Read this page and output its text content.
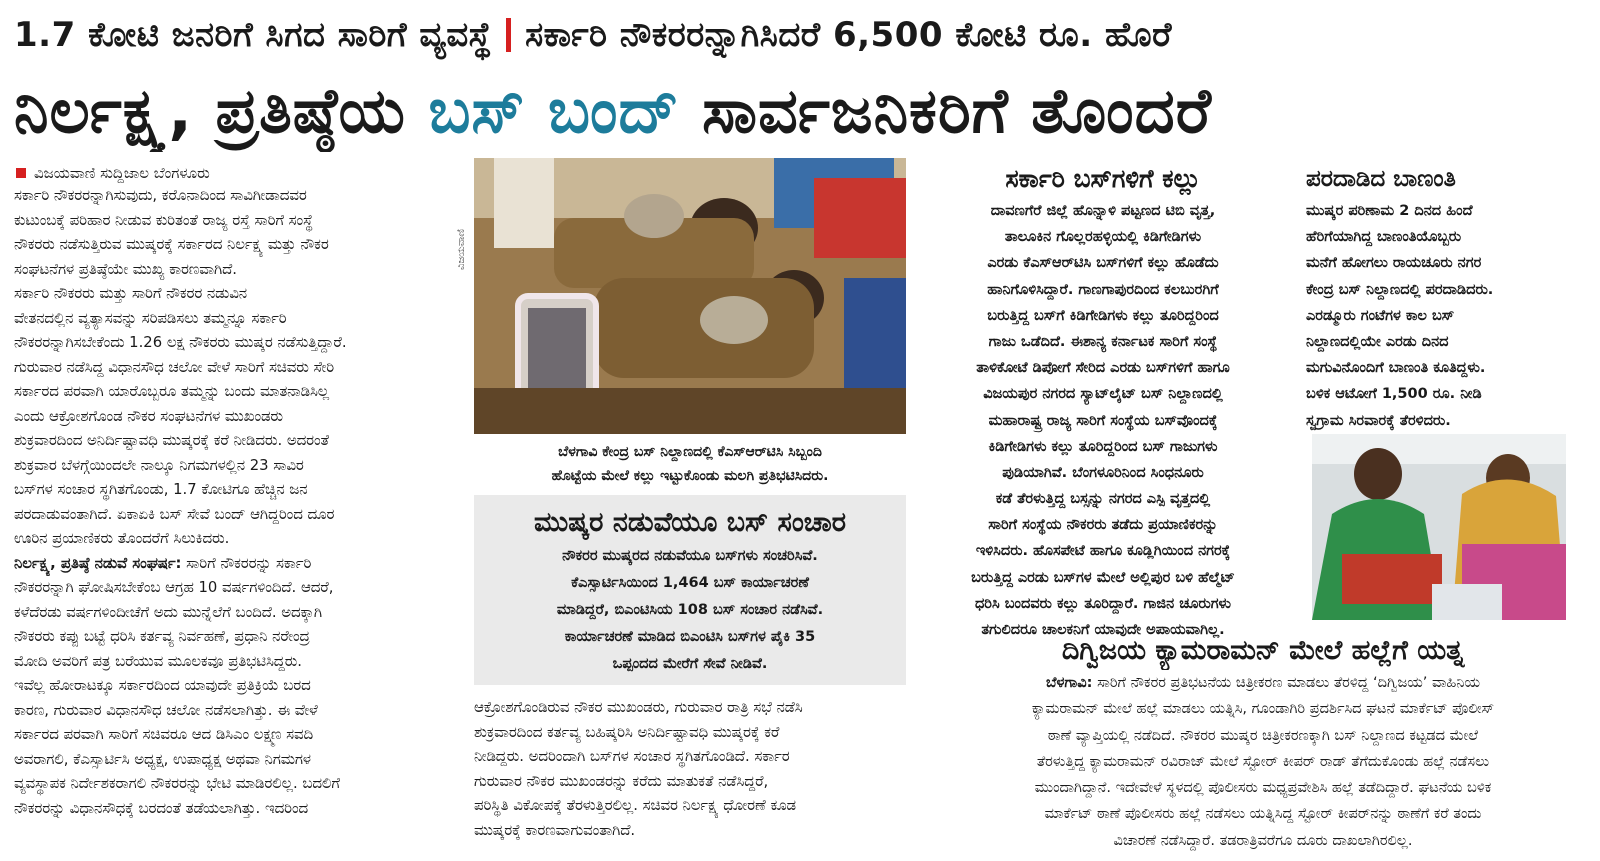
1.7 ಕೋಟಿ ಜನರಿಗೆ ಸಿಗದ ಸಾರಿಗೆ ವ್ಯವಸ್ಥೆ ಸರ್ಕಾರಿ ನೌಕರರನ್ನಾಗಿಸಿದರೆ 6,500 ಕೋಟಿ ರೂ. ಹೊರೆ
ನಿರ್ಲಕ್ಷ್ಯ, ಪ್ರತಿಷ್ಠೆಯ ಬಸ್ ಬಂದ್ ಸಾರ್ವಜನಿಕರಿಗೆ ತೊಂದರೆ
ವಿಜಯವಾಣಿ ಸುದ್ದಿಜಾಲ ಬೆಂಗಳೂರು
ಸರ್ಕಾರಿ ನೌಕರರನ್ನಾಗಿಸುವುದು, ಕರೊನಾದಿಂದ ಸಾವಿಗೀಡಾದವರ
ಕುಟುಂಬಕ್ಕೆ ಪರಿಹಾರ ನೀಡುವ ಕುರಿತಂತೆ ರಾಜ್ಯ ರಸ್ತೆ ಸಾರಿಗೆ ಸಂಸ್ಥೆ
ನೌಕರರು ನಡೆಸುತ್ತಿರುವ ಮುಷ್ಕರಕ್ಕೆ ಸರ್ಕಾರದ ನಿರ್ಲಕ್ಷ್ಯ ಮತ್ತು ನೌಕರ
ಸಂಘಟನೆಗಳ ಪ್ರತಿಷ್ಠೆಯೇ ಮುಖ್ಯ ಕಾರಣವಾಗಿದೆ.
ಸರ್ಕಾರಿ ನೌಕರರು ಮತ್ತು ಸಾರಿಗೆ ನೌಕರರ ನಡುವಿನ
ವೇತನದಲ್ಲಿನ ವ್ಯತ್ಯಾಸವನ್ನು ಸರಿಪಡಿಸಲು ತಮ್ಮನ್ನೂ ಸರ್ಕಾರಿ
ನೌಕರರನ್ನಾಗಿಸಬೇಕೆಂದು 1.26 ಲಕ್ಷ ನೌಕರರು ಮುಷ್ಕರ ನಡೆಸುತ್ತಿದ್ದಾರೆ.
ಗುರುವಾರ ನಡೆಸಿದ್ದ ವಿಧಾನಸೌಧ ಚಲೋ ವೇಳೆ ಸಾರಿಗೆ ಸಚಿವರು ಸೇರಿ
ಸರ್ಕಾರದ ಪರವಾಗಿ ಯಾರೊಬ್ಬರೂ ತಮ್ಮನ್ನು ಬಂದು ಮಾತನಾಡಿಸಿಲ್ಲ
ಎಂದು ಆಕ್ರೋಶಗೊಂಡ ನೌಕರ ಸಂಘಟನೆಗಳ ಮುಖಂಡರು
ಶುಕ್ರವಾರದಿಂದ ಅನಿರ್ದಿಷ್ಟಾವಧಿ ಮುಷ್ಕರಕ್ಕೆ ಕರೆ ನೀಡಿದರು. ಅದರಂತೆ
ಶುಕ್ರವಾರ ಬೆಳಗ್ಗೆಯಿಂದಲೇ ನಾಲ್ಕೂ ನಿಗಮಗಳಲ್ಲಿನ 23 ಸಾವಿರ
ಬಸ್‌ಗಳ ಸಂಚಾರ ಸ್ಥಗಿತಗೊಂಡು, 1.7 ಕೋಟಿಗೂ ಹೆಚ್ಚಿನ ಜನ
ಪರದಾಡುವಂತಾಗಿದೆ. ಏಕಾಏಕಿ ಬಸ್ ಸೇವೆ ಬಂದ್ ಆಗಿದ್ದರಿಂದ ದೂರ
ಊರಿನ ಪ್ರಯಾಣಿಕರು ತೊಂದರೆಗೆ ಸಿಲುಕಿದರು.
ನಿರ್ಲಕ್ಷ್ಯ, ಪ್ರತಿಷ್ಠೆ ನಡುವೆ ಸಂಘರ್ಷ: ಸಾರಿಗೆ ನೌಕರರನ್ನು ಸರ್ಕಾರಿ
ನೌಕರರನ್ನಾಗಿ ಘೋಷಿಸಬೇಕೆಂಬ ಆಗ್ರಹ 10 ವರ್ಷಗಳಿಂದಿದೆ. ಆದರೆ,
ಕಳೆದೆರಡು ವರ್ಷಗಳಿಂದೀಚೆಗೆ ಅದು ಮುನ್ನೆಲೆಗೆ ಬಂದಿದೆ. ಅದಕ್ಕಾಗಿ
ನೌಕರರು ಕಪ್ಪು ಬಟ್ಟೆ ಧರಿಸಿ ಕರ್ತವ್ಯ ನಿರ್ವಹಣೆ, ಪ್ರಧಾನಿ ನರೇಂದ್ರ
ಮೋದಿ ಅವರಿಗೆ ಪತ್ರ ಬರೆಯುವ ಮೂಲಕವೂ ಪ್ರತಿಭಟಿಸಿದ್ದರು.
ಇವೆಲ್ಲ ಹೋರಾಟಕ್ಕೂ ಸರ್ಕಾರದಿಂದ ಯಾವುದೇ ಪ್ರತಿಕ್ರಿಯೆ ಬರದ
ಕಾರಣ, ಗುರುವಾರ ವಿಧಾನಸೌಧ ಚಲೋ ನಡೆಸಲಾಗಿತ್ತು. ಈ ವೇಳೆ
ಸರ್ಕಾರದ ಪರವಾಗಿ ಸಾರಿಗೆ ಸಚಿವರೂ ಆದ ಡಿಸಿಎಂ ಲಕ್ಷ್ಮಣ ಸವದಿ
ಅವರಾಗಲಿ, ಕೆಎಸ್ಸಾರ್ಟಿಸಿ ಅಧ್ಯಕ್ಷ, ಉಪಾಧ್ಯಕ್ಷ ಅಥವಾ ನಿಗಮಗಳ
ವ್ಯವಸ್ಥಾಪಕ ನಿರ್ದೇಶಕರಾಗಲಿ ನೌಕರರನ್ನು ಭೇಟಿ ಮಾಡಿರಲಿಲ್ಲ. ಬದಲಿಗೆ
ನೌಕರರನ್ನು ವಿಧಾನಸೌಧಕ್ಕೆ ಬರದಂತೆ ತಡೆಯಲಾಗಿತ್ತು. ಇದರಿಂದ
ವಿಜಯವಾಣಿ
ಬೆಳಗಾವಿ ಕೇಂದ್ರ ಬಸ್ ನಿಲ್ದಾಣದಲ್ಲಿ ಕೆಎಸ್‌ಆರ್‌ಟಿಸಿ ಸಿಬ್ಬಂದಿ
ಹೊಟ್ಟೆಯ ಮೇಲೆ ಕಲ್ಲು ಇಟ್ಟುಕೊಂಡು ಮಲಗಿ ಪ್ರತಿಭಟಿಸಿದರು.
ಮುಷ್ಕರ ನಡುವೆಯೂ ಬಸ್ ಸಂಚಾರ
ನೌಕರರ ಮುಷ್ಕರದ ನಡುವೆಯೂ ಬಸ್‌ಗಳು ಸಂಚರಿಸಿವೆ.
ಕೆಎಸ್ಸಾರ್ಟಿಸಿಯಿಂದ 1,464 ಬಸ್ ಕಾರ್ಯಾಚರಣೆ
ಮಾಡಿದ್ದರೆ, ಬಿಎಂಟಿಸಿಯ 108 ಬಸ್ ಸಂಚಾರ ನಡೆಸಿವೆ.
ಕಾರ್ಯಾಚರಣೆ ಮಾಡಿದ ಬಿಎಂಟಿಸಿ ಬಸ್‌ಗಳ ಪೈಕಿ 35
ಒಪ್ಪಂದದ ಮೇರೆಗೆ ಸೇವೆ ನೀಡಿವೆ.
ಆಕ್ರೋಶಗೊಂಡಿರುವ ನೌಕರ ಮುಖಂಡರು, ಗುರುವಾರ ರಾತ್ರಿ ಸಭೆ ನಡೆಸಿ
ಶುಕ್ರವಾರದಿಂದ ಕರ್ತವ್ಯ ಬಹಿಷ್ಕರಿಸಿ ಅನಿರ್ದಿಷ್ಟಾವಧಿ ಮುಷ್ಕರಕ್ಕೆ ಕರೆ
ನೀಡಿದ್ದರು. ಅದರಿಂದಾಗಿ ಬಸ್‌ಗಳ ಸಂಚಾರ ಸ್ಥಗಿತಗೊಂಡಿದೆ. ಸರ್ಕಾರ
ಗುರುವಾರ ನೌಕರ ಮುಖಂಡರನ್ನು ಕರೆದು ಮಾತುಕತೆ ನಡೆಸಿದ್ದರೆ,
ಪರಿಸ್ಥಿತಿ ವಿಕೋಪಕ್ಕೆ ತೆರಳುತ್ತಿರಲಿಲ್ಲ. ಸಚಿವರ ನಿರ್ಲಕ್ಷ್ಯ ಧೋರಣೆ ಕೂಡ
ಮುಷ್ಕರಕ್ಕೆ ಕಾರಣವಾಗುವಂತಾಗಿದೆ.
ಸರ್ಕಾರಿ ಬಸ್‌ಗಳಿಗೆ ಕಲ್ಲು
ದಾವಣಗೆರೆ ಜಿಲ್ಲೆ ಹೊನ್ನಾಳಿ ಪಟ್ಟಣದ ಟಿಬಿ ವೃತ್ತ,
ತಾಲೂಕಿನ ಗೊಲ್ಲರಹಳ್ಳಿಯಲ್ಲಿ ಕಿಡಿಗೇಡಿಗಳು
ಎರಡು ಕೆಎಸ್‌ಆರ್‌ಟಿಸಿ ಬಸ್‌ಗಳಿಗೆ ಕಲ್ಲು ಹೊಡೆದು
ಹಾನಿಗೊಳಿಸಿದ್ದಾರೆ. ಗಾಣಗಾಪುರದಿಂದ ಕಲಬುರಗಿಗೆ
ಬರುತ್ತಿದ್ದ ಬಸ್‌ಗೆ ಕಿಡಿಗೇಡಿಗಳು ಕಲ್ಲು ತೂರಿದ್ದರಿಂದ
ಗಾಜು ಒಡೆದಿದೆ. ಈಶಾನ್ಯ ಕರ್ನಾಟಕ ಸಾರಿಗೆ ಸಂಸ್ಥೆ
ತಾಳಿಕೋಟೆ ಡಿಪೋಗೆ ಸೇರಿದ ಎರಡು ಬಸ್‌ಗಳಿಗೆ ಹಾಗೂ
ವಿಜಯಪುರ ನಗರದ ಸ್ಯಾಟ್‌ಲೈಟ್ ಬಸ್ ನಿಲ್ದಾಣದಲ್ಲಿ
ಮಹಾರಾಷ್ಟ್ರ ರಾಜ್ಯ ಸಾರಿಗೆ ಸಂಸ್ಥೆಯ ಬಸ್‌ವೊಂದಕ್ಕೆ
ಕಿಡಿಗೇಡಿಗಳು ಕಲ್ಲು ತೂರಿದ್ದರಿಂದ ಬಸ್ ಗಾಜುಗಳು
ಪುಡಿಯಾಗಿವೆ. ಬೆಂಗಳೂರಿನಿಂದ ಸಿಂಧನೂರು
ಕಡೆ ತೆರಳುತ್ತಿದ್ದ ಬಸ್ಸನ್ನು ನಗರದ ಎಸ್ಪಿ ವೃತ್ತದಲ್ಲಿ
ಸಾರಿಗೆ ಸಂಸ್ಥೆಯ ನೌಕರರು ತಡೆದು ಪ್ರಯಾಣಿಕರನ್ನು
ಇಳಿಸಿದರು. ಹೊಸಪೇಟೆ ಹಾಗೂ ಕೂಡ್ಲಿಗಿಯಿಂದ ನಗರಕ್ಕೆ
ಬರುತ್ತಿದ್ದ ಎರಡು ಬಸ್‌ಗಳ ಮೇಲೆ ಅಲ್ಲಿಪುರ ಬಳಿ ಹೆಲ್ಮೆಟ್
ಧರಿಸಿ ಬಂದವರು ಕಲ್ಲು ತೂರಿದ್ದಾರೆ. ಗಾಜಿನ ಚೂರುಗಳು
ತಗುಲಿದರೂ ಚಾಲಕನಿಗೆ ಯಾವುದೇ ಅಪಾಯವಾಗಿಲ್ಲ.
ಪರದಾಡಿದ ಬಾಣಂತಿ
ಮುಷ್ಕರ ಪರಿಣಾಮ 2 ದಿನದ ಹಿಂದೆ
ಹೆರಿಗೆಯಾಗಿದ್ದ ಬಾಣಂತಿಯೊಬ್ಬರು
ಮನೆಗೆ ಹೋಗಲು ರಾಯಚೂರು ನಗರ
ಕೇಂದ್ರ ಬಸ್ ನಿಲ್ದಾಣದಲ್ಲಿ ಪರದಾಡಿದರು.
ಎರಡ್ಮೂರು ಗಂಟೆಗಳ ಕಾಲ ಬಸ್
ನಿಲ್ದಾಣದಲ್ಲಿಯೇ ಎರಡು ದಿನದ
ಮಗುವಿನೊಂದಿಗೆ ಬಾಣಂತಿ ಕೂತಿದ್ದಳು.
ಬಳಿಕ ಆಟೋಗೆ 1,500 ರೂ. ನೀಡಿ
ಸ್ವಗ್ರಾಮ ಸಿರವಾರಕ್ಕೆ ತೆರಳಿದರು.
ದಿಗ್ವಿಜಯ ಕ್ಯಾಮರಾಮನ್ ಮೇಲೆ ಹಲ್ಲೆಗೆ ಯತ್ನ
ಬೆಳಗಾವಿ: ಸಾರಿಗೆ ನೌಕರರ ಪ್ರತಿಭಟನೆಯ ಚಿತ್ರೀಕರಣ ಮಾಡಲು ತೆರಳಿದ್ದ ‘ದಿಗ್ವಿಜಯ’ ವಾಹಿನಿಯ
ಕ್ಯಾಮರಾಮನ್ ಮೇಲೆ ಹಲ್ಲೆ ಮಾಡಲು ಯತ್ನಿಸಿ, ಗೂಂಡಾಗಿರಿ ಪ್ರದರ್ಶಿಸಿದ ಘಟನೆ ಮಾರ್ಕೆಟ್ ಪೊಲೀಸ್
ಠಾಣೆ ವ್ಯಾಪ್ತಿಯಲ್ಲಿ ನಡೆದಿದೆ. ನೌಕರರ ಮುಷ್ಕರ ಚಿತ್ರೀಕರಣಕ್ಕಾಗಿ ಬಸ್ ನಿಲ್ದಾಣದ ಕಟ್ಟಡದ ಮೇಲೆ
ತೆರಳುತ್ತಿದ್ದ ಕ್ಯಾಮರಾಮನ್ ರವಿರಾಜ್ ಮೇಲೆ ಸ್ಟೋರ್ ಕೀಪರ್ ರಾಡ್ ತೆಗೆದುಕೊಂಡು ಹಲ್ಲೆ ನಡೆಸಲು
ಮುಂದಾಗಿದ್ದಾನೆ. ಇದೇವೇಳೆ ಸ್ಥಳದಲ್ಲಿ ಪೊಲೀಸರು ಮಧ್ಯಪ್ರವೇಶಿಸಿ ಹಲ್ಲೆ ತಡೆದಿದ್ದಾರೆ. ಘಟನೆಯ ಬಳಿಕ
ಮಾರ್ಕೆಟ್ ಠಾಣೆ ಪೊಲೀಸರು ಹಲ್ಲೆ ನಡೆಸಲು ಯತ್ನಿಸಿದ್ದ ಸ್ಟೋರ್ ಕೀಪರ್‌ನನ್ನು ಠಾಣೆಗೆ ಕರೆ ತಂದು
ವಿಚಾರಣೆ ನಡೆಸಿದ್ದಾರೆ. ತಡರಾತ್ರಿವರೆಗೂ ದೂರು ದಾಖಲಾಗಿರಲಿಲ್ಲ.
